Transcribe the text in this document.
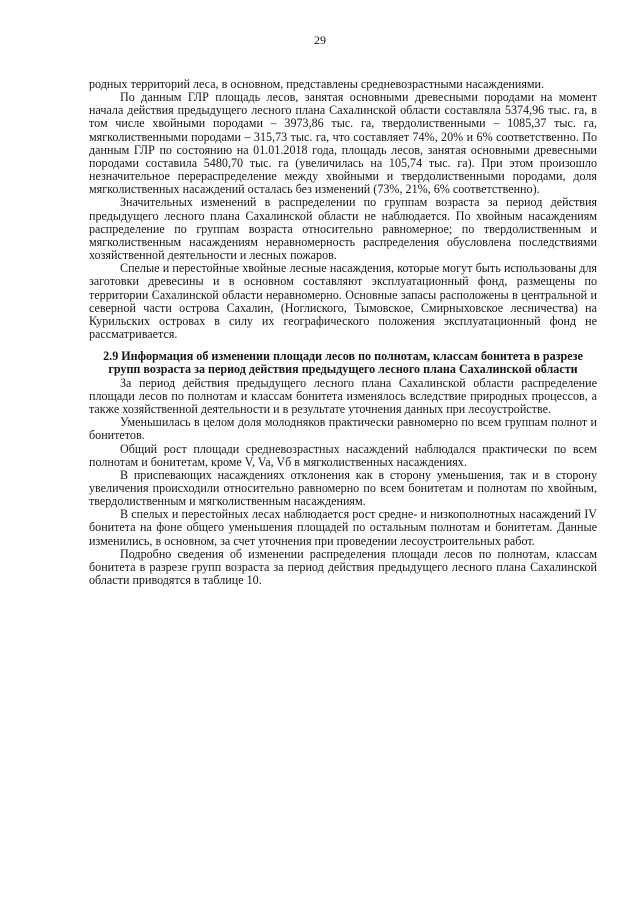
29

родных территорий леса, в основном, представлены средневозрастными насаждениями.

По данным ГЛР площадь лесов, занятая основными древесными породами на момент начала действия предыдущего лесного плана Сахалинской области составляла 5374,96 тыс. га, в том числе хвойными породами – 3973,86 тыс. га, твердолиственными – 1085,37 тыс. га, мягколиственными породами – 315,73 тыс. га, что составляет 74%, 20% и 6% соответственно. По данным ГЛР по состоянию на 01.01.2018 года, площадь лесов, занятая основными древесными породами составила 5480,70 тыс. га (увеличилась на 105,74 тыс. га). При этом произошло незначительное перераспределение между хвойными и твердолиственными породами, доля мягколиственных насаждений осталась без изменений (73%, 21%, 6% соответственно).

Значительных изменений в распределении по группам возраста за период действия предыдущего лесного плана Сахалинской области не наблюдается. По хвойным насаждениям распределение по группам возраста относительно равномерное; по твердолиственным и мягколиственным насаждениям неравномерность распределения обусловлена последствиями хозяйственной деятельности и лесных пожаров.

Спелые и перестойные хвойные лесные насаждения, которые могут быть использованы для заготовки древесины и в основном составляют эксплуатационный фонд, размещены по территории Сахалинской области неравномерно. Основные запасы расположены в центральной и северной части острова Сахалин, (Ноглиского, Тымовское, Смирныховское лесничества) на Курильских островах в силу их географического положения эксплуатационный фонд не рассматривается.

2.9 Информация об изменении площади лесов по полнотам, классам бонитета в разрезе групп возраста за период действия предыдущего лесного плана Сахалинской области

За период действия предыдущего лесного плана Сахалинской области распределение площади лесов по полнотам и классам бонитета изменялось вследствие природных процессов, а также хозяйственной деятельности и в результате уточнения данных при лесоустройстве.

Уменьшилась в целом доля молодняков практически равномерно по всем группам полнот и бонитетов.

Общий рост площади средневозрастных насаждений наблюдался практически по всем полнотам и бонитетам, кроме V, Va, Vб в мягколиственных насаждениях.

В приспевающих насаждениях отклонения как в сторону уменьшения, так и в сторону увеличения происходили относительно равномерно по всем бонитетам и полнотам по хвойным, твердолиственным и мягколиственным насаждениям.

В спелых и перестойных лесах наблюдается рост средне- и низкополнотных насаждений IV бонитета на фоне общего уменьшения площадей по остальным полнотам и бонитетам. Данные изменились, в основном, за счет уточнения при проведении лесоустроительных работ.

Подробно сведения об изменении распределения площади лесов по полнотам, классам бонитета в разрезе групп возраста за период действия предыдущего лесного плана Сахалинской области приводятся в таблице 10.
